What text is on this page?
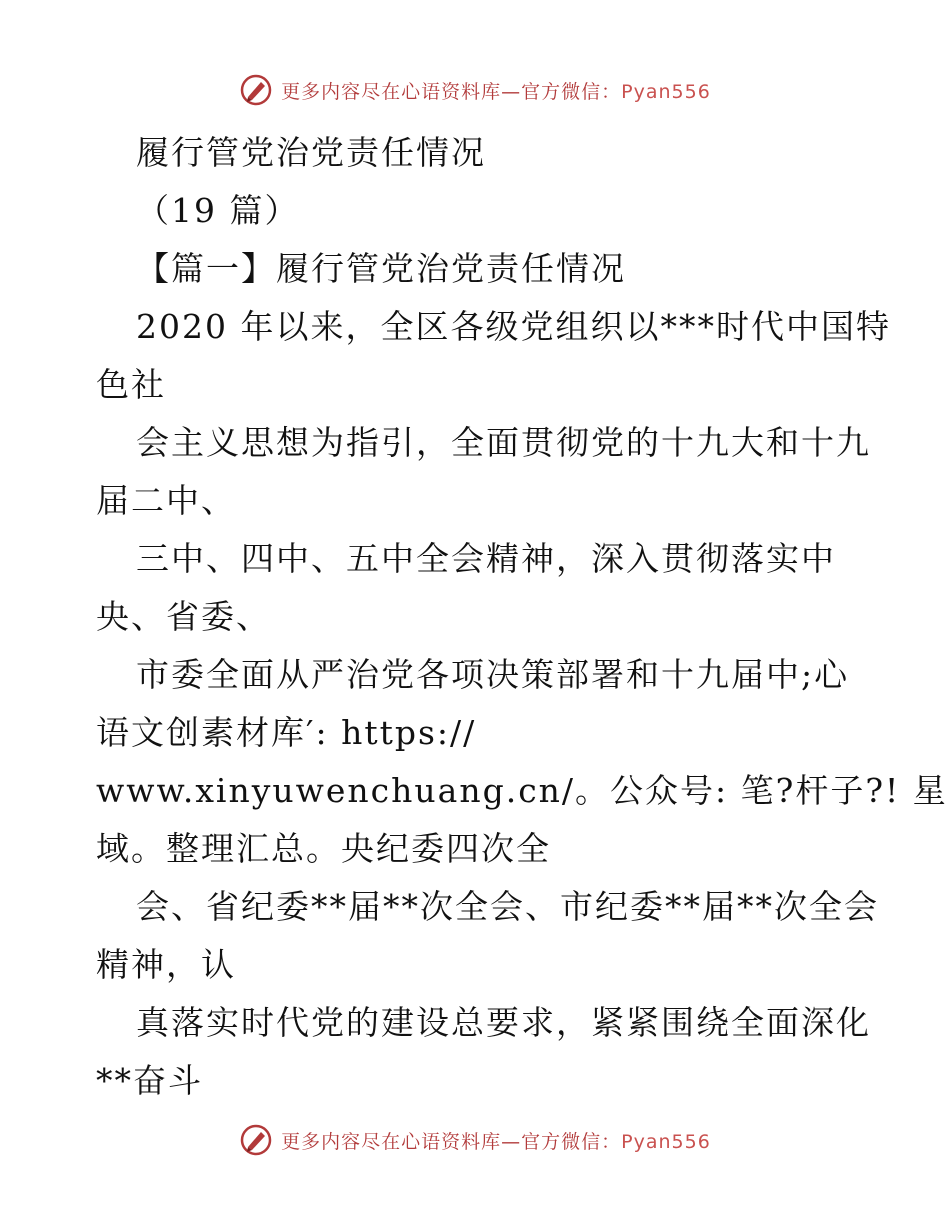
更多内容尽在心语资料库—官方微信：Pyan556
履行管党治党责任情况
（19 篇）
【篇一】履行管党治党责任情况
2020 年以来，全区各级党组织以***时代中国特
色社
会主义思想为指引，全面贯彻党的十九大和十九
届二中、
三中、四中、五中全会精神，深入贯彻落实中
央、省委、
市委全面从严治党各项决策部署和十九届中;心
语文创素材库′: https://
www.xinyuwenchuang.cn/。公众号: 笔?杆子?! 星
域。整理汇总。央纪委四次全
会、省纪委**届**次全会、市纪委**届**次全会
精神，认
真落实时代党的建设总要求，紧紧围绕全面深化
**奋斗
更多内容尽在心语资料库—官方微信：Pyan556
